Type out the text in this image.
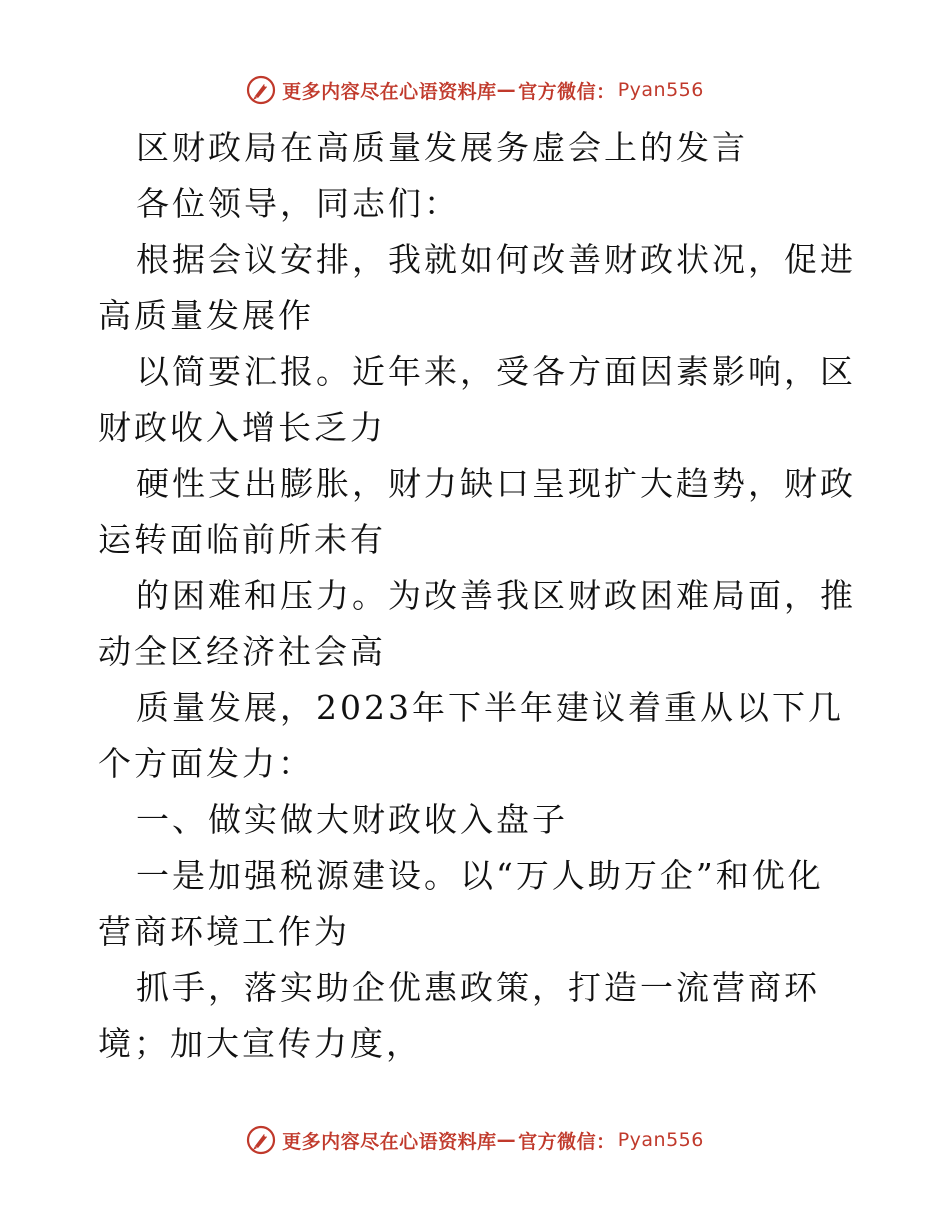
更多内容尽在心语资料库 — 官方微信： Pyan556

区财政局在高质量发展务虚会上的发言

各位领导，同志们：

根据会议安排，我就如何改善财政状况，促进高质量发展作

以简要汇报。近年来，受各方面因素影响，区财政收入增长乏力

硬性支出膨胀，财力缺口呈现扩大趋势，财政运转面临前所未有

的困难和压力。为改善我区财政困难局面，推动全区经济社会高

质量发展，2023年下半年建议着重从以下几个方面发力：

一、做实做大财政收入盘子

一是加强税源建设。以“万人助万企”和优化营商环境工作为

抓手，落实助企优惠政策，打造一流营商环境；加大宣传力度，

更多内容尽在心语资料库 — 官方微信： Pyan556
